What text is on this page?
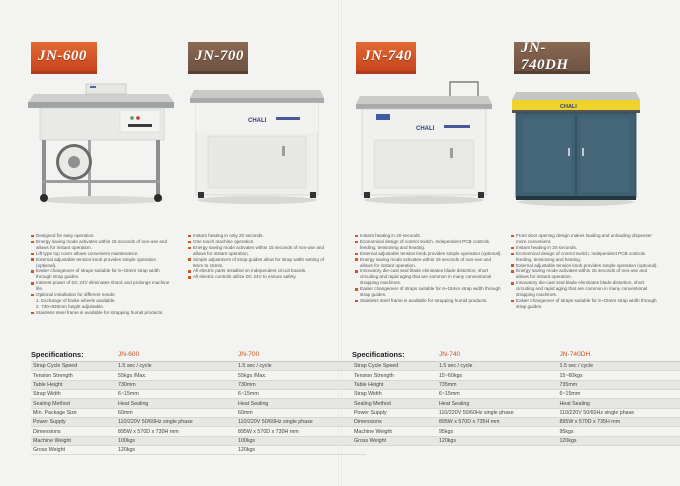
JN-600	JN-700	JN-740
JN-740DH
CHALI
CHALI
CHALI
Designed for easy operation.
Energy saving mode activates within 15 seconds of non-use and allows for instant operation.
Lift type top cover allows convenient maintenance.
External adjustable tension knob provides simple operation (optional).
Easier changeover of straps suitable for 6~15mm strap width through strap guides.
Interest power of DC 24V eliminates shock and prolongs machine life.
Optional installation for different needs:
1. Exchange of brake wheels available.
2. 730~830mm height adjustable.
Stainless steel frame is available for strapping humid products.
Instant heating in only 20 seconds.
One touch machine operation.
Energy saving mode activates within 15 seconds of non-use and allows for instant operation.
Simple adjustment of strap guides allow for strap width setting of 6mm to 15mm.
All electric parts installed on independent circuit boards.
All electric controls utilize DC 24V to ensure safety.
Instant heating in 20 seconds.
Economical design of control switch. Independent PCB controls feeding, tensioning and heating.
External adjustable tension knob provides simple operation (optional).
Energy saving mode activates within 15 seconds of non-use and allows for instant operation.
Innovatory die-cast seal blade eliminates blade distortion; short circuiting and rapid aging that are common in many conventional strapping machines.
Easier changeover of straps suitable for 6~15mm strap width through strap guides.
Stainless steel frame is available for strapping humid products.
Front door opening design makes loading and unloading dispenser more convenient.
Instant heating in 20 seconds.
Economical design of control switch. Independent PCB controls feeding, tensioning and heating.
External adjustable tension knob provides simple operation (optional).
Energy saving mode activates within 15 seconds of non-use and allows for instant operation.
Innovatory die-cast seal blade eliminates blade distortion, short circuiting and rapid aging that are common in many conventional strapping machines.
Easier changeover of straps suitable for 6~15mm strap width through strap guides.
Specifications:	JN-600	JN-700
Strap Cycle Speed	1.5 sec / cycle	1.5 sec / cycle
Tension Strength	55kgs /Max.	55kgs /Max.
Table Height	730mm	730mm
Strap Width	6~15mm	6~15mm
Sealing Method	Heat Sealing	Heat Sealing
Min. Package Size	60mm	60mm
Power Supply	110/220V 50/60Hz single phase	110/220V 50/60Hz single phase
Dimensions	895W x 570D x 730H mm	895W x 570D x 730H mm
Machine Weight	100kgs	100kgs
Gross Weight	120kgs	120kgs
Specifications:	JN-740	JN-740DH
Strap Cycle Speed	1.5 sec / cycle	1.5 sec / cycle
Tension Strength	15~60kgs	15~60kgs
Table Height	735mm	735mm
Strap Width	6~15mm	6~15mm
Sealing Method	Heat Sealing	Heat Sealing
Power Supply	110/220V 50/60Hz single phase	110/220V 50/60Hz single phase
Dimensions	895W x 570D x 735H mm	895W x 570D x 735H mm
Machine Weight	95kgs	95kgs
Gross Weight	120kgs	120kgs
